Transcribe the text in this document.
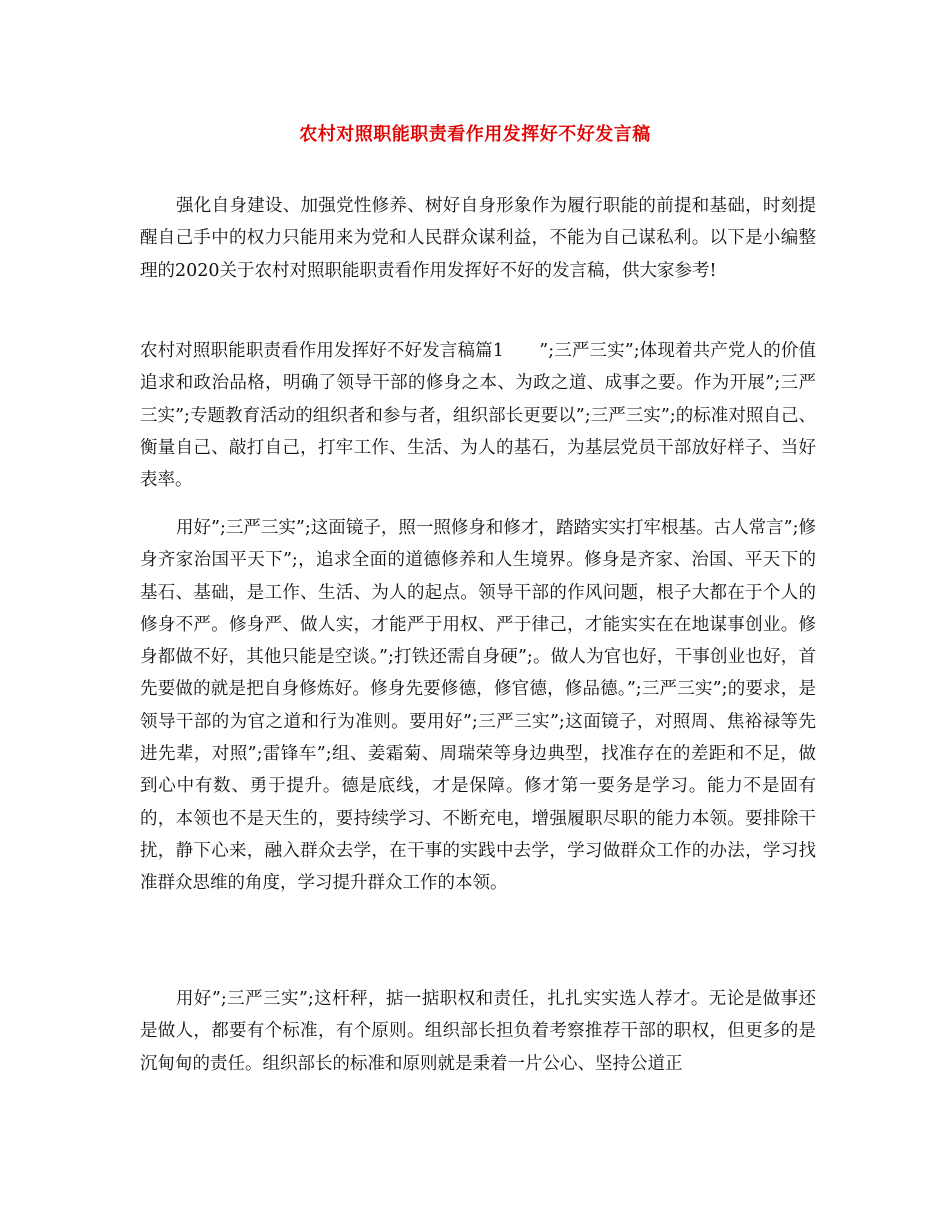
农村对照职能职责看作用发挥好不好发言稿
强化自身建设、加强党性修养、树好自身形象作为履行职能的前提和基础，时刻提醒自己手中的权力只能用来为党和人民群众谋利益，不能为自己谋私利。以下是小编整理的2020关于农村对照职能职责看作用发挥好不好的发言稿，供大家参考!
农村对照职能职责看作用发挥好不好发言稿篇1　　”;三严三实”;体现着共产党人的价值追求和政治品格，明确了领导干部的修身之本、为政之道、成事之要。作为开展”;三严三实”;专题教育活动的组织者和参与者，组织部长更要以”;三严三实”;的标准对照自己、衡量自己、敲打自己，打牢工作、生活、为人的基石，为基层党员干部放好样子、当好表率。
用好”;三严三实”;这面镜子，照一照修身和修才，踏踏实实打牢根基。古人常言”;修身齐家治国平天下”;，追求全面的道德修养和人生境界。修身是齐家、治国、平天下的基石、基础，是工作、生活、为人的起点。领导干部的作风问题，根子大都在于个人的修身不严。修身严、做人实，才能严于用权、严于律己，才能实实在在地谋事创业。修身都做不好，其他只能是空谈。”;打铁还需自身硬”;。做人为官也好，干事创业也好，首先要做的就是把自身修炼好。修身先要修德，修官德，修品德。”;三严三实”;的要求，是领导干部的为官之道和行为准则。要用好”;三严三实”;这面镜子，对照周、焦裕禄等先进先辈，对照”;雷锋车”;组、姜霜菊、周瑞荣等身边典型，找准存在的差距和不足，做到心中有数、勇于提升。德是底线，才是保障。修才第一要务是学习。能力不是固有的，本领也不是天生的，要持续学习、不断充电，增强履职尽职的能力本领。要排除干扰，静下心来，融入群众去学，在干事的实践中去学，学习做群众工作的办法，学习找准群众思维的角度，学习提升群众工作的本领。
用好”;三严三实”;这杆秤，掂一掂职权和责任，扎扎实实选人荐才。无论是做事还是做人，都要有个标准，有个原则。组织部长担负着考察推荐干部的职权，但更多的是沉甸甸的责任。组织部长的标准和原则就是秉着一片公心、坚持公道正
